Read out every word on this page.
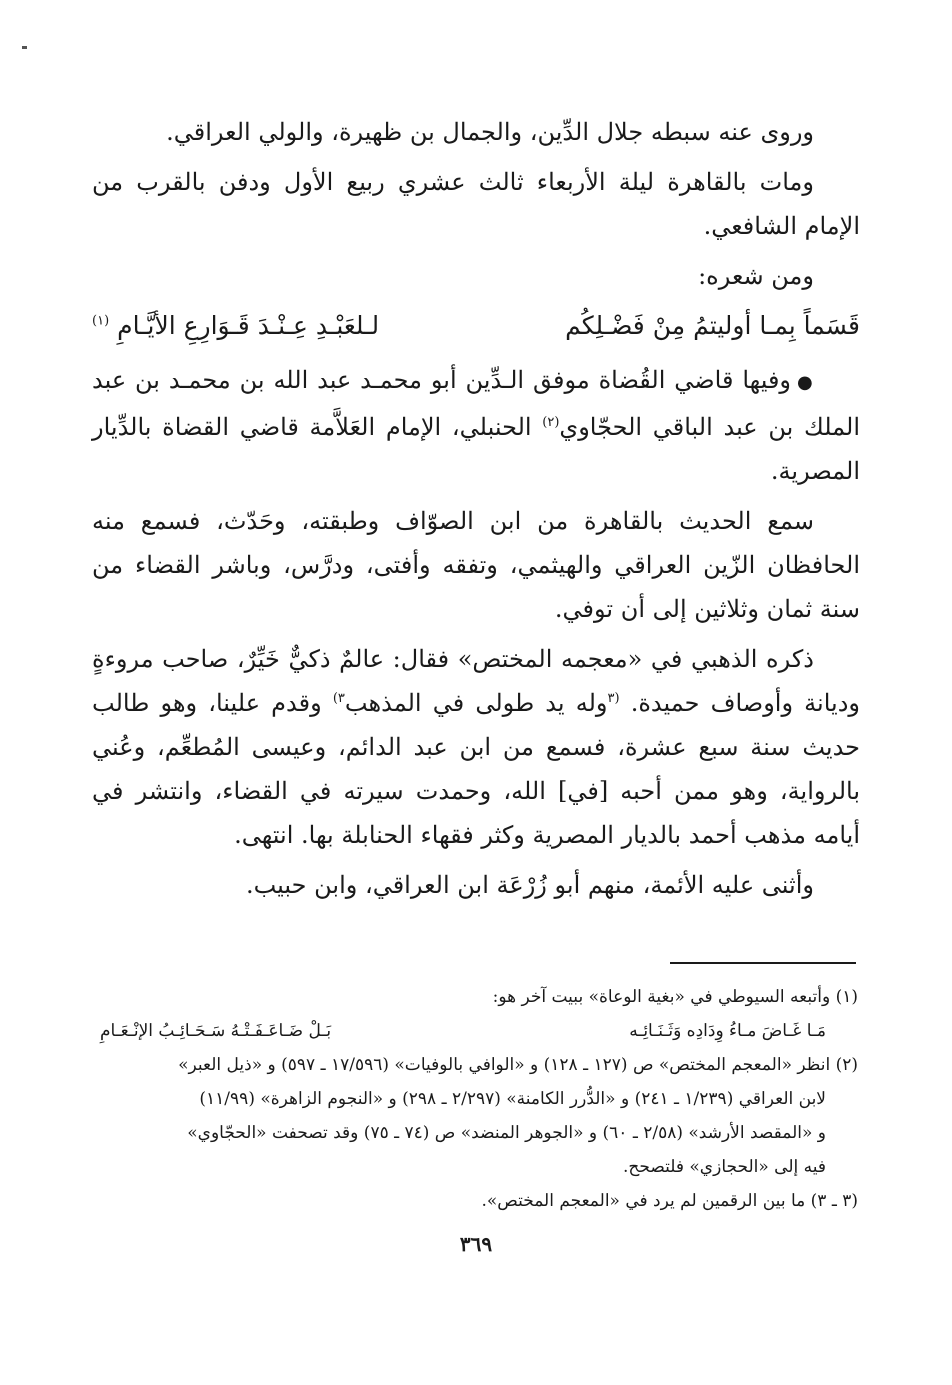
وروى عنه سبطه جلال الدِّين، والجمال بن ظهيرة، والولي العراقي.

ومات بالقاهرة ليلة الأربعاء ثالث عشري ربيع الأول ودفن بالقرب من الإمام الشافعي.

ومن شعره:

قَسَماً بِمـا أوليتمُ مِنْ فَضْـلِكُم
لـلعَبْـدِ عِـنْـدَ قَـوَارِعِ الأيَّـامِ $^{(١)}$

●وفيها قاضي القُضاة موفق الـدِّين أبو محمـد عبد الله بن محمـد بن عبد الملك بن عبد الباقي الحجّاوي$^{(٢)}$ الحنبلي، الإمام العَلاَّمة قاضي القضاة بالدِّيار المصرية.

سمع الحديث بالقاهرة من ابن الصوّاف وطبقته، وحَدّث، فسمع منه الحافظان الزّين العراقي والهيثمي، وتفقه وأفتى، ودرَّس، وباشر القضاء من سنة ثمان وثلاثين إلى أن توفي.

ذكره الذهبي في «معجمه المختص» فقال: عالمٌ ذكيٌّ خَيِّرٌ، صاحب مروءةٍ وديانة وأوصاف حميدة. $^{(٣}$وله يد طولى في المذهب$^{٣)}$ وقدم علينا، وهو طالب حديث سنة سبع عشرة، فسمع من ابن عبد الدائم، وعيسى المُطعِّم، وعُني بالرواية، وهو ممن أحبه [في] الله، وحمدت سيرته في القضاء، وانتشر في أيامه مذهب أحمد بالديار المصرية وكثر فقهاء الحنابلة بها. انتهى.

وأثنى عليه الأئمة، منهم أبو زُرْعَة ابن العراقي، وابن حبيب.

(١) وأتبعه السيوطي في «بغية الوعاة» ببيت آخر هو:

مَـا غَـاضَ مـاءُ وِدَادِه وَثَـنَـائِـه
بَـلْ ضَـاعَـفَـتْـهُ سَـحَـائِـبُ الإنْـعَـامِ

(٢) انظر «المعجم المختص» ص (١٢٧ ـ ١٢٨) و «الوافي بالوفيات» (١٧/٥٩٦ ـ ٥٩٧) و «ذيل العبر»

لابن العراقي (١/٢٣٩ ـ ٢٤١) و «الدُّرر الكامنة» (٢/٢٩٧ ـ ٢٩٨) و «النجوم الزاهرة» (١١/٩٩)

و «المقصد الأرشد» (٢/٥٨ ـ ٦٠) و «الجوهر المنضد» ص (٧٤ ـ ٧٥) وقد تصحفت «الحجّاوي»

فيه إلى «الحجازي» فلتصحح.

(٣ ـ ٣) ما بين الرقمين لم يرد في «المعجم المختص».

٣٦٩
